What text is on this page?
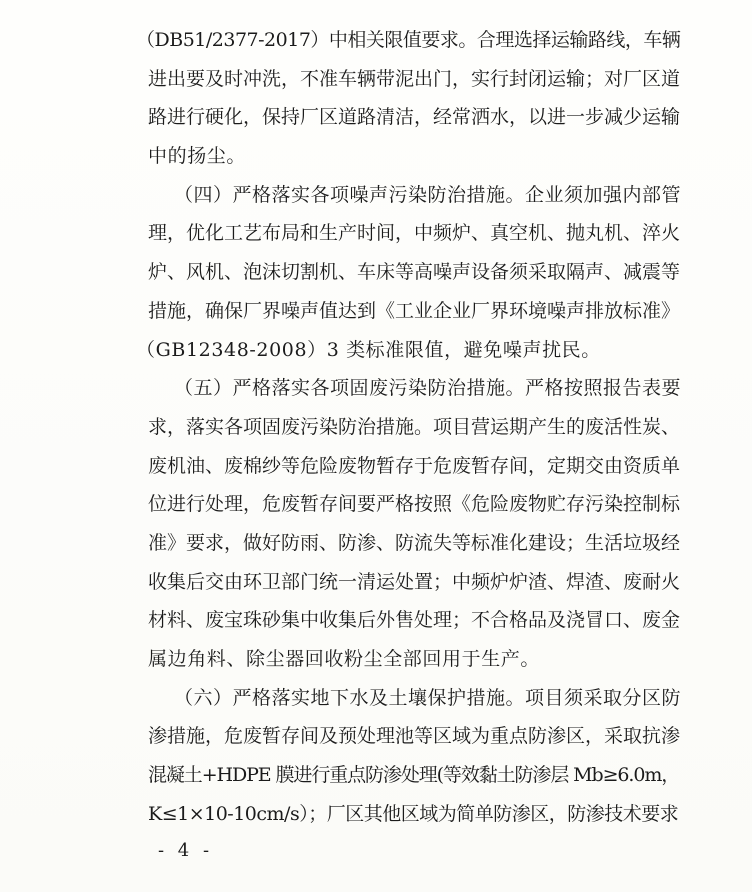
（DB51/2377-2017）中相关限值要求。合理选择运输路线，车辆
进出要及时冲洗，不准车辆带泥出门，实行封闭运输；对厂区道
路进行硬化，保持厂区道路清洁，经常洒水，以进一步减少运输
中的扬尘。
（四）严格落实各项噪声污染防治措施。企业须加强内部管
理，优化工艺布局和生产时间，中频炉、真空机、抛丸机、淬火
炉、风机、泡沫切割机、车床等高噪声设备须采取隔声、减震等
措施，确保厂界噪声值达到《工业企业厂界环境噪声排放标准》
（GB12348-2008）3 类标准限值，避免噪声扰民。
（五）严格落实各项固废污染防治措施。严格按照报告表要
求，落实各项固废污染防治措施。项目营运期产生的废活性炭、
废机油、废棉纱等危险废物暂存于危废暂存间，定期交由资质单
位进行处理，危废暂存间要严格按照《危险废物贮存污染控制标
准》要求，做好防雨、防渗、防流失等标准化建设；生活垃圾经
收集后交由环卫部门统一清运处置；中频炉炉渣、焊渣、废耐火
材料、废宝珠砂集中收集后外售处理；不合格品及浇冒口、废金
属边角料、除尘器回收粉尘全部回用于生产。
（六）严格落实地下水及土壤保护措施。项目须采取分区防
渗措施，危废暂存间及预处理池等区域为重点防渗区，采取抗渗
混凝土+HDPE 膜进行重点防渗处理(等效黏土防渗层 Mb≥6.0m，
K≤1×10-10cm/s）；厂区其他区域为简单防渗区，防渗技术要求
- 4 -
